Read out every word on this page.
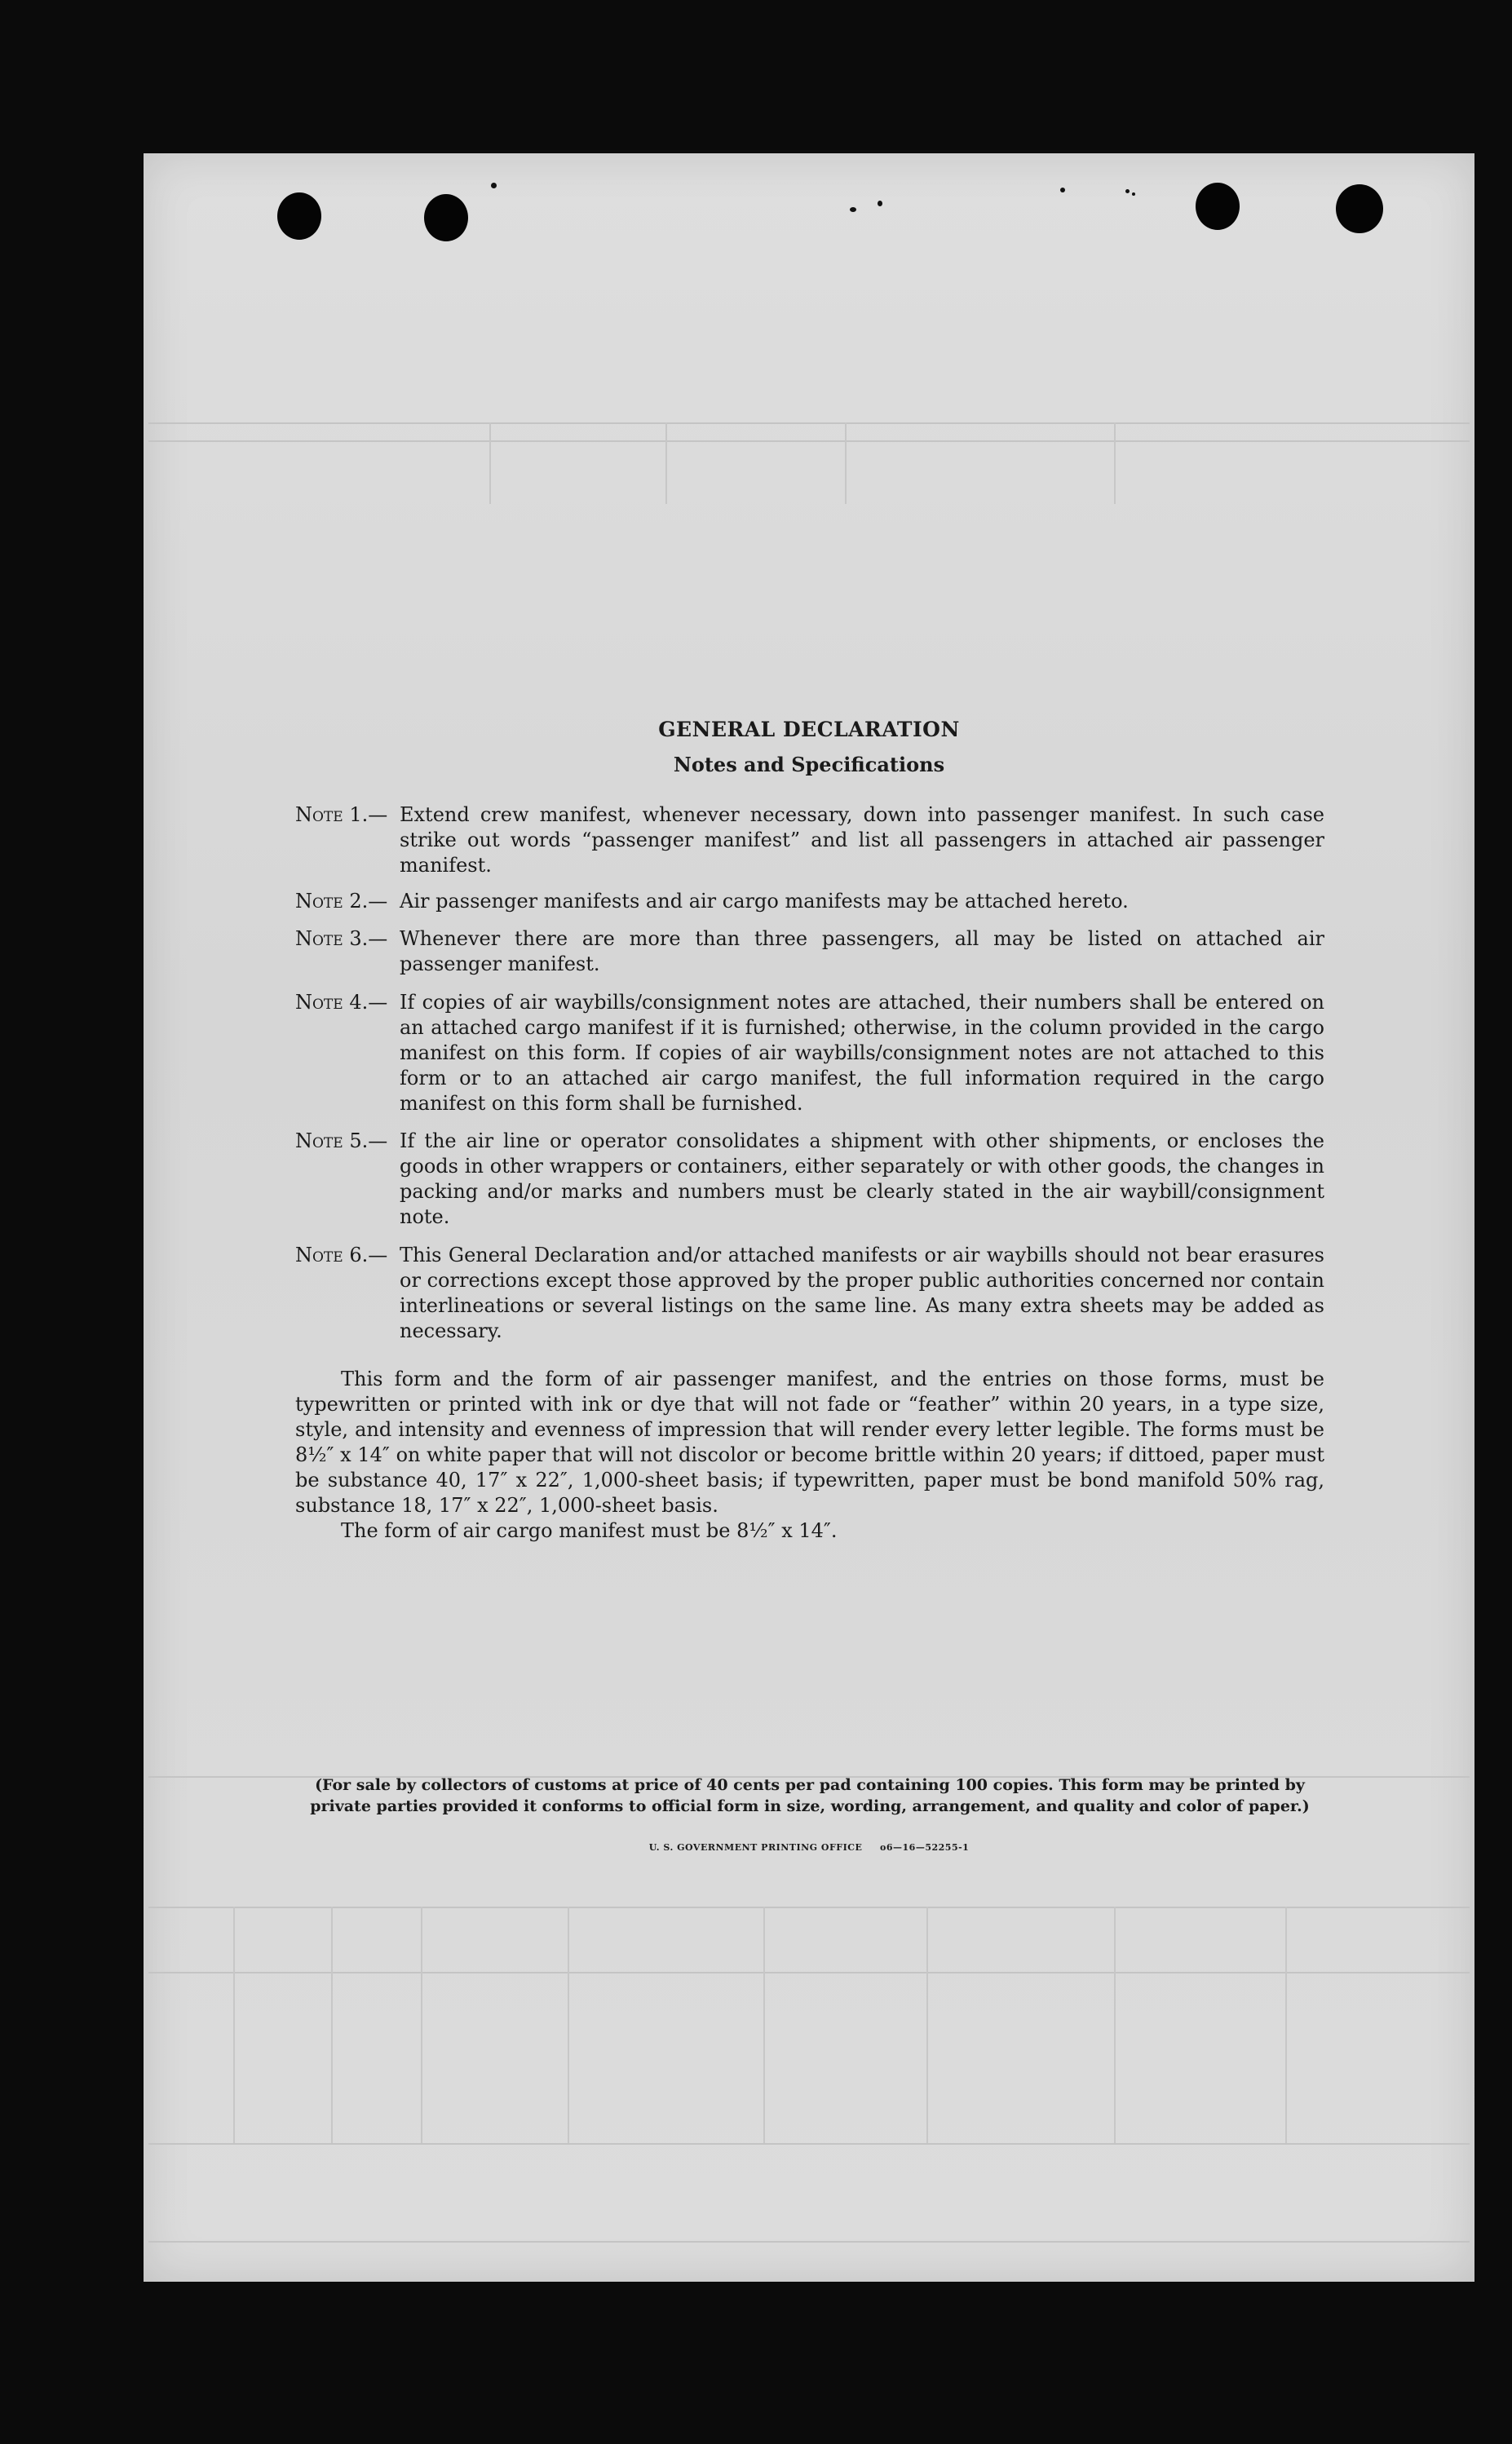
GENERAL DECLARATION
Notes and Specifications
Note 1.— Extend crew manifest, whenever necessary, down into passenger manifest. In such case strike out words “passenger manifest” and list all passengers in attached air passenger manifest.
Note 2.— Air passenger manifests and air cargo manifests may be attached hereto.
Note 3.— Whenever there are more than three passengers, all may be listed on attached air passenger manifest.
Note 4.— If copies of air waybills/consignment notes are attached, their numbers shall be entered on an attached cargo manifest if it is furnished; otherwise, in the column provided in the cargo manifest on this form. If copies of air waybills/consignment notes are not attached to this form or to an attached air cargo manifest, the full information required in the cargo manifest on this form shall be furnished.
Note 5.— If the air line or operator consolidates a shipment with other shipments, or encloses the goods in other wrappers or containers, either separately or with other goods, the changes in packing and/or marks and numbers must be clearly stated in the air waybill/consignment note.
Note 6.— This General Declaration and/or attached manifests or air waybills should not bear erasures or corrections except those approved by the proper public authorities concerned nor contain interlineations or several listings on the same line. As many extra sheets may be added as necessary.

This form and the form of air passenger manifest, and the entries on those forms, must be typewritten or printed with ink or dye that will not fade or “feather” within 20 years, in a type size, style, and intensity and evenness of impression that will render every letter legible. The forms must be 8½″ x 14″ on white paper that will not discolor or become brittle within 20 years; if dittoed, paper must be substance 40, 17″ x 22″, 1,000-sheet basis; if typewritten, paper must be bond manifold 50% rag, substance 18, 17″ x 22″, 1,000-sheet basis.

The form of air cargo manifest must be 8½″ x 14″.

(For sale by collectors of customs at price of 40 cents per pad containing 100 copies. This form may be printed by private parties provided it conforms to official form in size, wording, arrangement, and quality and color of paper.)
U. S. GOVERNMENT PRINTING OFFICE     o6—16—52255-1
